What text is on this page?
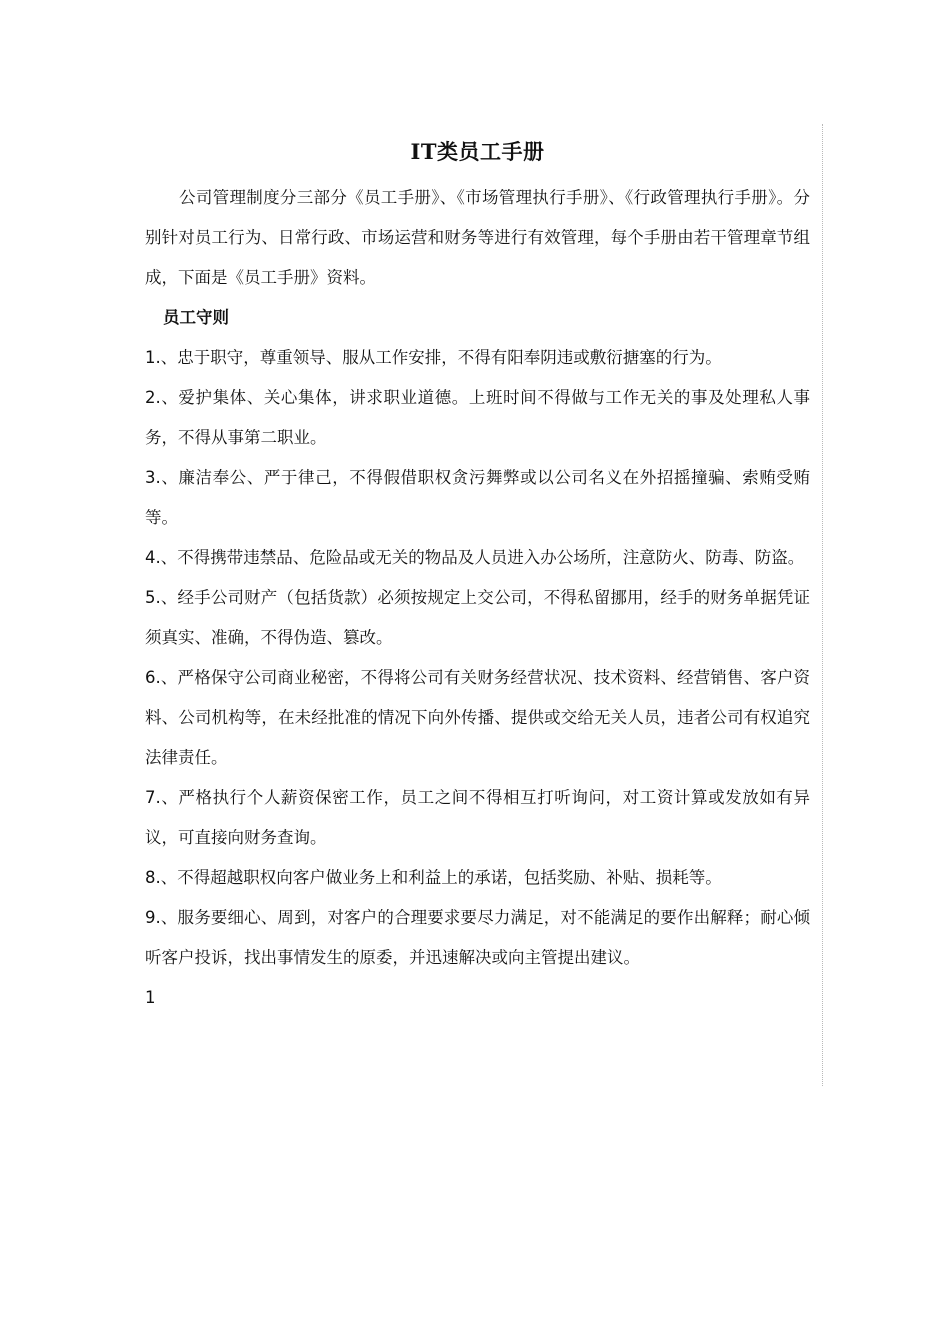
IT类员工手册

公司管理制度分三部分《员工手册》、《市场管理执行手册》、《行政管理执行手册》。分别针对员工行为、日常行政、市场运营和财务等进行有效管理，每个手册由若干管理章节组成，下面是《员工手册》资料。

员工守则

1.、忠于职守，尊重领导、服从工作安排，不得有阳奉阴违或敷衍搪塞的行为。

2.、爱护集体、关心集体，讲求职业道德。上班时间不得做与工作无关的事及处理私人事务，不得从事第二职业。

3.、廉洁奉公、严于律己，不得假借职权贪污舞弊或以公司名义在外招摇撞骗、索贿受贿等。

4.、不得携带违禁品、危险品或无关的物品及人员进入办公场所，注意防火、防毒、防盗。

5.、经手公司财产（包括货款）必须按规定上交公司，不得私留挪用，经手的财务单据凭证须真实、准确，不得伪造、篡改。

6.、严格保守公司商业秘密，不得将公司有关财务经营状况、技术资料、经营销售、客户资料、公司机构等，在未经批准的情况下向外传播、提供或交给无关人员，违者公司有权追究法律责任。

7.、严格执行个人薪资保密工作，员工之间不得相互打听询问，对工资计算或发放如有异议，可直接向财务查询。

8.、不得超越职权向客户做业务上和利益上的承诺，包括奖励、补贴、损耗等。

9.、服务要细心、周到，对客户的合理要求要尽力满足，对不能满足的要作出解释；耐心倾听客户投诉，找出事情发生的原委，并迅速解决或向主管提出建议。

1
